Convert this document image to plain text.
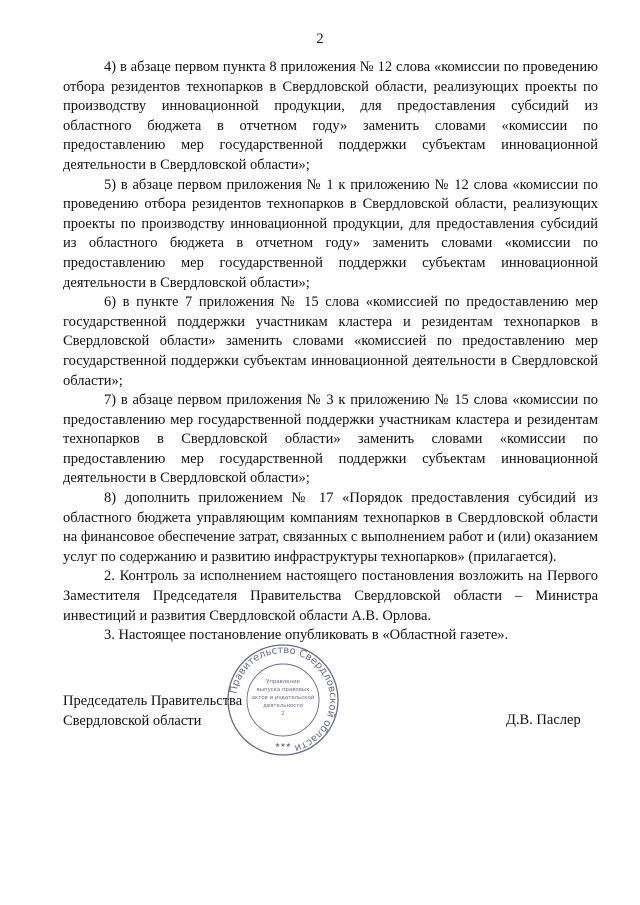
2

4) в абзаце первом пункта 8 приложения № 12 слова «комиссии по проведению отбора резидентов технопарков в Свердловской области, реализующих проекты по производству инновационной продукции, для предоставления субсидий из областного бюджета в отчетном году» заменить словами «комиссии по предоставлению мер государственной поддержки субъектам инновационной деятельности в Свердловской области»;

5) в абзаце первом приложения № 1 к приложению № 12 слова «комиссии по проведению отбора резидентов технопарков в Свердловской области, реализующих проекты по производству инновационной продукции, для предоставления субсидий из областного бюджета в отчетном году» заменить словами «комиссии по предоставлению мер государственной поддержки субъектам инновационной деятельности в Свердловской области»;

6) в пункте 7 приложения № 15 слова «комиссией по предоставлению мер государственной поддержки участникам кластера и резидентам технопарков в Свердловской области» заменить словами «комиссией по предоставлению мер государственной поддержки субъектам инновационной деятельности в Свердловской области»;

7) в абзаце первом приложения № 3 к приложению № 15 слова «комиссии по предоставлению мер государственной поддержки участникам кластера и резидентам технопарков в Свердловской области» заменить словами «комиссии по предоставлению мер государственной поддержки субъектам инновационной деятельности в Свердловской области»;

8) дополнить приложением № 17 «Порядок предоставления субсидий из областного бюджета управляющим компаниям технопарков в Свердловской области на финансовое обеспечение затрат, связанных с выполнением работ и (или) оказанием услуг по содержанию и развитию инфраструктуры технопарков» (прилагается).

2. Контроль за исполнением настоящего постановления возложить на Первого Заместителя Председателя Правительства Свердловской области – Министра инвестиций и развития Свердловской области А.В. Орлова.

3. Настоящее постановление опубликовать в «Областной газете».

Председатель Правительства
Свердловской области	Д.В. Паслер
Правительство Свердловской области
Управление
выпуска правовых
актов и издательской
деятельности
2
★★★
